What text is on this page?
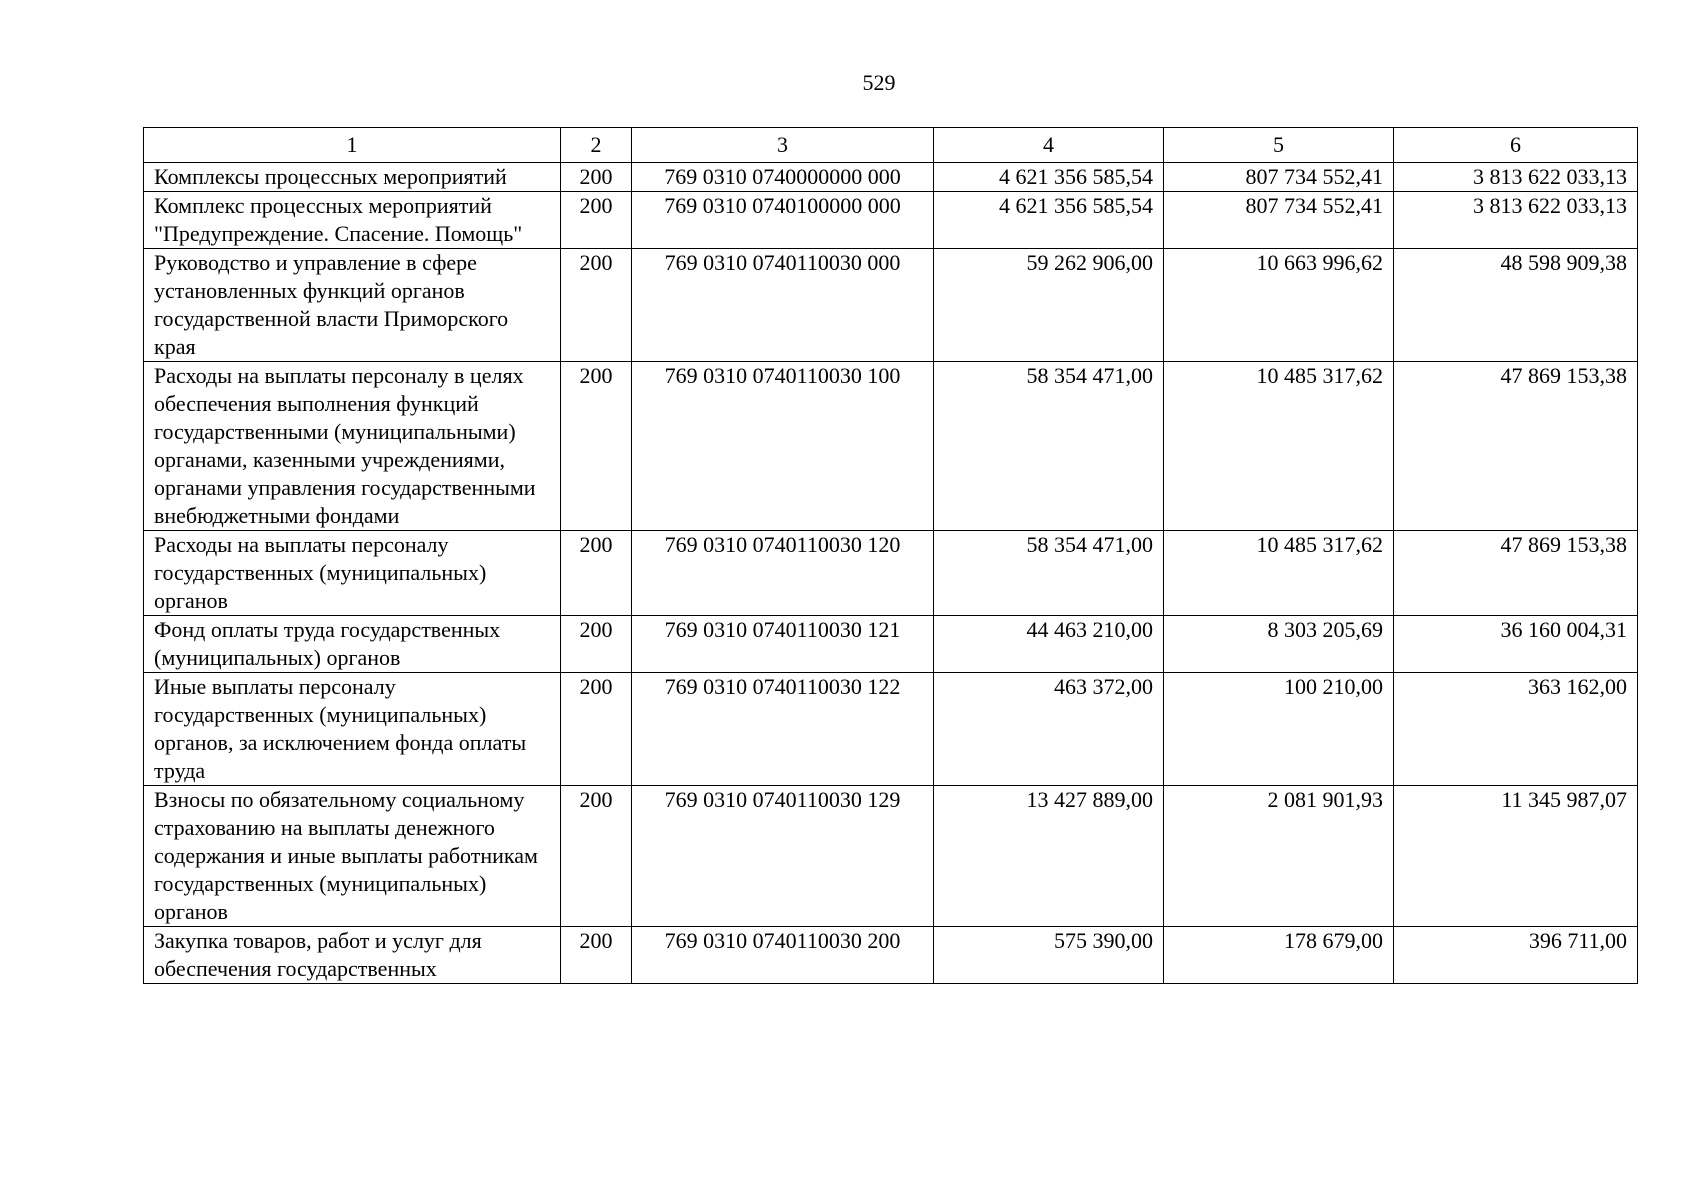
529
1	2	3	4	5	6
Комплексы процессных мероприятий	200	769 0310 0740000000 000	4 621 356 585,54	807 734 552,41	3 813 622 033,13
Комплекс процессных мероприятий "Предупреждение. Спасение. Помощь"	200	769 0310 0740100000 000	4 621 356 585,54	807 734 552,41	3 813 622 033,13
Руководство и управление в сфере установленных функций органов государственной власти Приморского края	200	769 0310 0740110030 000	59 262 906,00	10 663 996,62	48 598 909,38
Расходы на выплаты персоналу в целях обеспечения выполнения функций государственными (муниципальными) органами, казенными учреждениями, органами управления государственными внебюджетными фондами	200	769 0310 0740110030 100	58 354 471,00	10 485 317,62	47 869 153,38
Расходы на выплаты персоналу государственных (муниципальных) органов	200	769 0310 0740110030 120	58 354 471,00	10 485 317,62	47 869 153,38
Фонд оплаты труда государственных (муниципальных) органов	200	769 0310 0740110030 121	44 463 210,00	8 303 205,69	36 160 004,31
Иные выплаты персоналу государственных (муниципальных) органов, за исключением фонда оплаты труда	200	769 0310 0740110030 122	463 372,00	100 210,00	363 162,00
Взносы по обязательному социальному страхованию на выплаты денежного содержания и иные выплаты работникам государственных (муниципальных) органов	200	769 0310 0740110030 129	13 427 889,00	2 081 901,93	11 345 987,07
Закупка товаров, работ и услуг для обеспечения государственных	200	769 0310 0740110030 200	575 390,00	178 679,00	396 711,00
